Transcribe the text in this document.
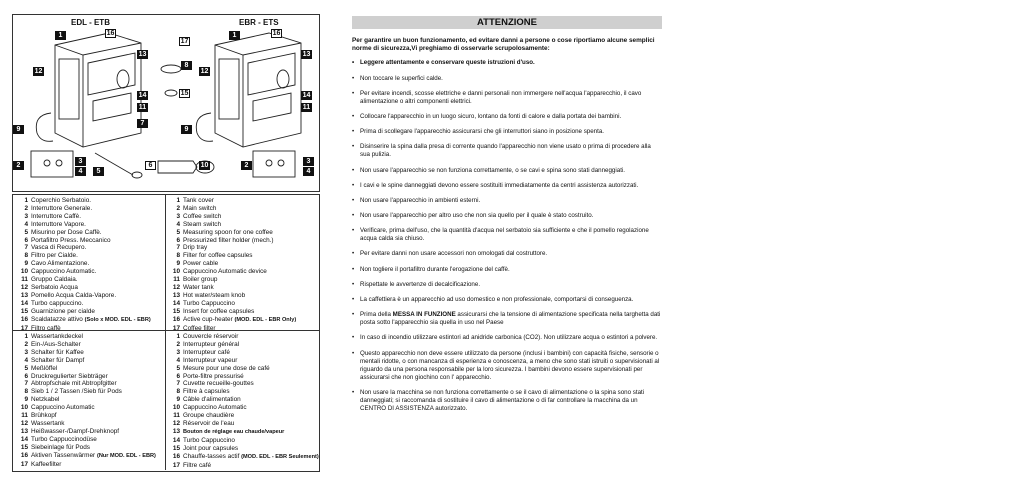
EDL - ETB	EBR - ETS
1	16
13
12
17
8
14
11
15
7
9
2
3
4	5
6	10
1	16
13
12
14
11
9
2
3
4
1 Coperchio Serbatoio.
2 Interruttore Generale.
3 Interruttore Caffè.
4 Interruttore Vapore.
5 Misurino per Dose Caffè.
6 Portafiltro Press. Meccanico
7 Vasca di Recupero.
8 Filtro per Cialde.
9 Cavo Alimentazione.
10 Cappuccino Automatic.
11 Gruppo Caldaia.
12 Serbatoio Acqua
13 Pomello Acqua Calda-Vapore.
14 Turbo cappuccino.
15 Guarnizione per cialde
16 Scaldatazze attivo (Solo x MOD. EDL - EBR)
17 Filtro caffè
1 Tank cover
2 Main switch
3 Coffee switch
4 Steam switch
5 Measuring spoon for one coffee
6 Pressurized filter holder (mech.)
7 Drip tray
8 Filter for coffee capsules
9 Power cable
10 Cappuccino Automatic device
11 Boiler group
12 Water tank
13 Hot water/steam knob
14 Turbo Cappuccino
15 Insert for coffee capsules
16 Active cup-heater (MOD. EDL - EBR Only)
17 Coffee filter
1 Wassertankdeckel
2 Ein-/Aus-Schalter
3 Schalter für Kaffee
4 Schalter für Dampf
5 Meßlöffel
6 Druckregulierter Siebträger
7 Abtropfschale mit Abtropfgitter
8 Sieb 1 / 2 Tassen /Sieb für Pods
9 Netzkabel
10 Cappuccino Automatic
11 Brühkopf
12 Wassertank
13 Heißwasser-/Dampf-Drehknopf
14 Turbo Cappuccinodüse
15 Siebeinlage für Pods
16 Aktiven Tassenwärmer (Nur MOD. EDL - EBR)
17 Kaffeefilter
1 Couvercle réservoir
2 Interrupteur général
3 Interrupteur café
4 Interrupteur vapeur
5 Mesure pour une dose de café
6 Porte-filtre pressurisé
7 Cuvette recueille-gouttes
8 Filtre à capsules
9 Câble d'alimentation
10 Cappuccino Automatic
11 Groupe chaudière
12 Réservoir de l'eau
13 Bouton de réglage eau chaude/vapeur
14 Turbo Cappuccino
15 Joint pour capsules
16 Chauffe-tasses actif (MOD. EDL - EBR Seulement)
17 Filtre café
ATTENZIONE
Per garantire un buon funzionamento, ed evitare danni a persone o cose riportiamo alcune semplici norme di sicurezza,Vi preghiamo di osservarle scrupolosamente:
• Leggere attentamente e conservare queste istruzioni d'uso.
• Non toccare le superfici calde.
• Per evitare incendi, scosse elettriche e danni personali non immergere nell'acqua l'apparecchio, il cavo alimentazione o altri componenti elettrici.
• Collocare l'apparecchio in un luogo sicuro, lontano da fonti di calore e dalla portata dei bambini.
• Prima di scollegare l'apparecchio assicurarsi che gli interruttori siano in posizione spenta.
• Disinserire la spina dalla presa di corrente quando l'apparecchio non viene usato o prima di procedere alla sua pulizia.
• Non usare l'apparecchio se non funziona correttamente, o se cavi e spina sono stati danneggiati.
• I cavi e le spine danneggiati devono essere sostituiti immediatamente da centri assistenza autorizzati.
• Non usare l'apparecchio in ambienti esterni.
• Non usare l'apparecchio per altro uso che non sia quello per il quale è stato costruito.
• Verificare, prima dell'uso, che la quantità d'acqua nel serbatoio sia sufficiente e che il pomello regolazione acqua calda sia chiuso.
• Per evitare danni non usare accessori non omologati dal costruttore.
• Non togliere il portafiltro durante l'erogazione del caffè.
• Rispettate le avvertenze di decalcificazione.
• La caffettiera è un apparecchio ad uso domestico e non professionale, comportarsi di conseguenza.
• Prima della MESSA IN FUNZIONE assicurarsi che la tensione di alimentazione specificata nella targhetta dati posta sotto l'apparecchio sia quella in uso nel Paese
• In caso di incendio utilizzare estintori ad anidride carbonica (CO2). Non utilizzare acqua o estintori a polvere.
• Questo apparecchio non deve essere utilizzato da persone (inclusi i bambini) con capacità fisiche, sensorie o mentali ridotte, o con mancanza di esperienza e conoscenza, a meno che sono stati istruiti o supervisionati al riguardo da una persona responsabile per la loro sicurezza. I bambini devono essere supervisionati per assicurarsi che non giochino con l' apparecchio.
• Non usare la macchina se non funziona correttamente o se il cavo di alimentazione o la spina sono stati danneggiati; si raccomanda di sostituire il cavo di alimentazione o di far controllare la macchina da un CENTRO DI ASSISTENZA autorizzato.
